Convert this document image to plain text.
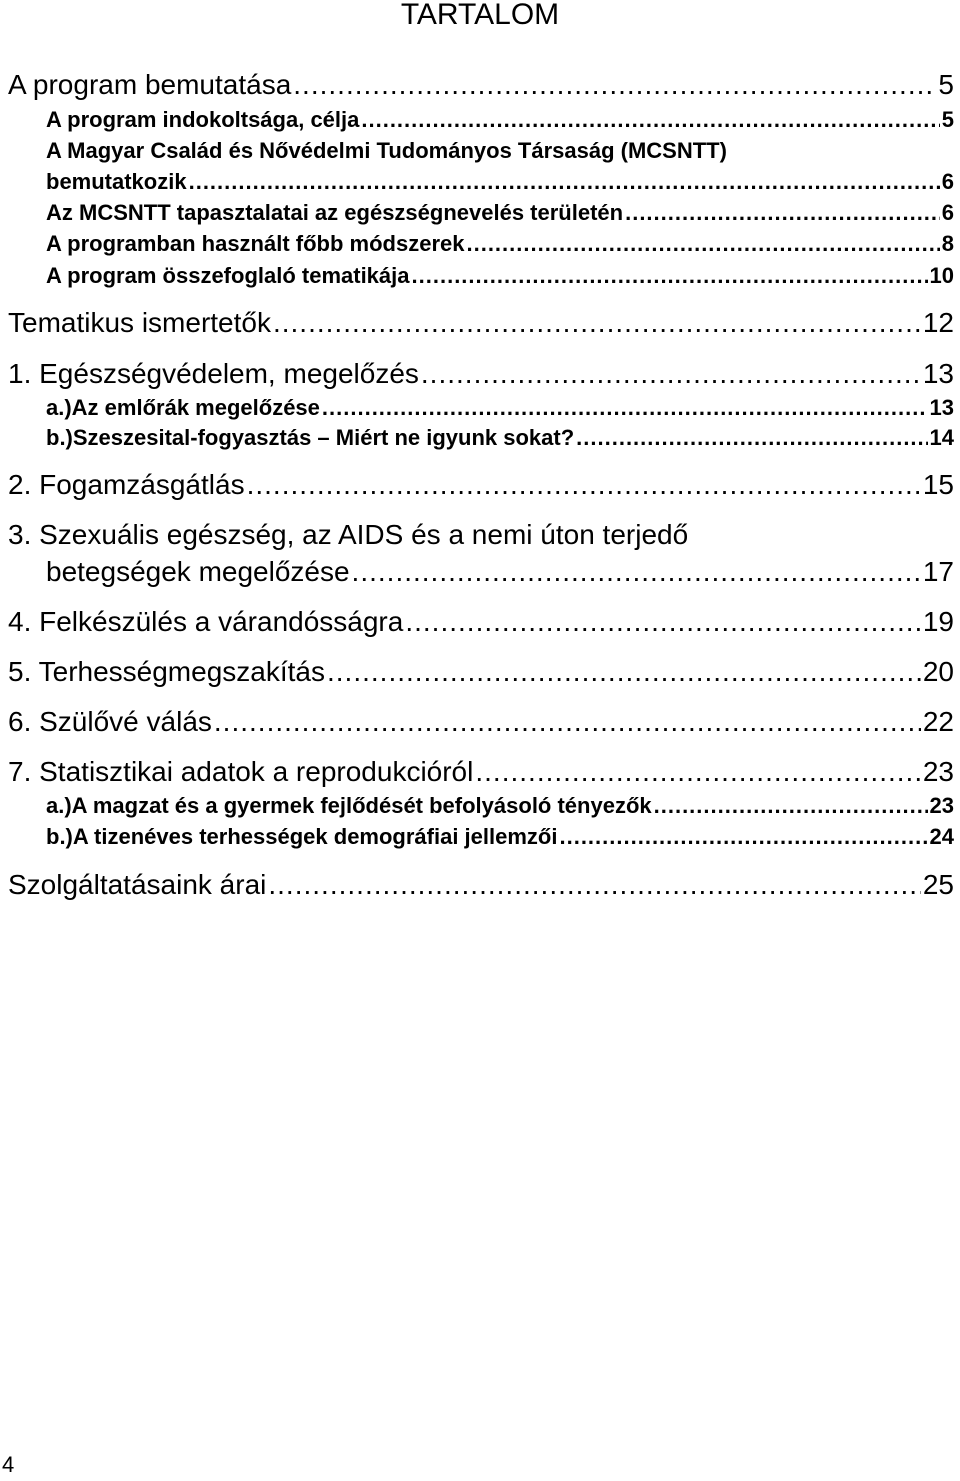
TARTALOM
A program bemutatása .....	5
A program indokoltsága, célja .....	5
A Magyar Család és Nővédelmi Tudományos Társaság (MCSNTT)
bemutatkozik .....	6
Az MCSNTT tapasztalatai az egészségnevelés területén .....	6
A programban használt főbb módszerek .....	8
A program összefoglaló tematikája .....	10
Tematikus ismertetők .....	12
1. Egészségvédelem, megelőzés .....	13
a.)Az emlőrák megelőzése .....	13
b.)Szeszesital-fogyasztás – Miért ne igyunk sokat? .....	14
2. Fogamzásgátlás .....	15
3. Szexuális egészség, az AIDS és a nemi úton terjedő
betegségek megelőzése .....	17
4. Felkészülés a várandósságra .....	19
5. Terhességmegszakítás .....	20
6. Szülővé válás .....	22
7. Statisztikai adatok a reprodukcióról .....	23
a.)A magzat és a gyermek fejlődését befolyásoló tényezők .....	23
b.)A tizenéves terhességek demográfiai jellemzői .....	24
Szolgáltatásaink árai .....	25
4
